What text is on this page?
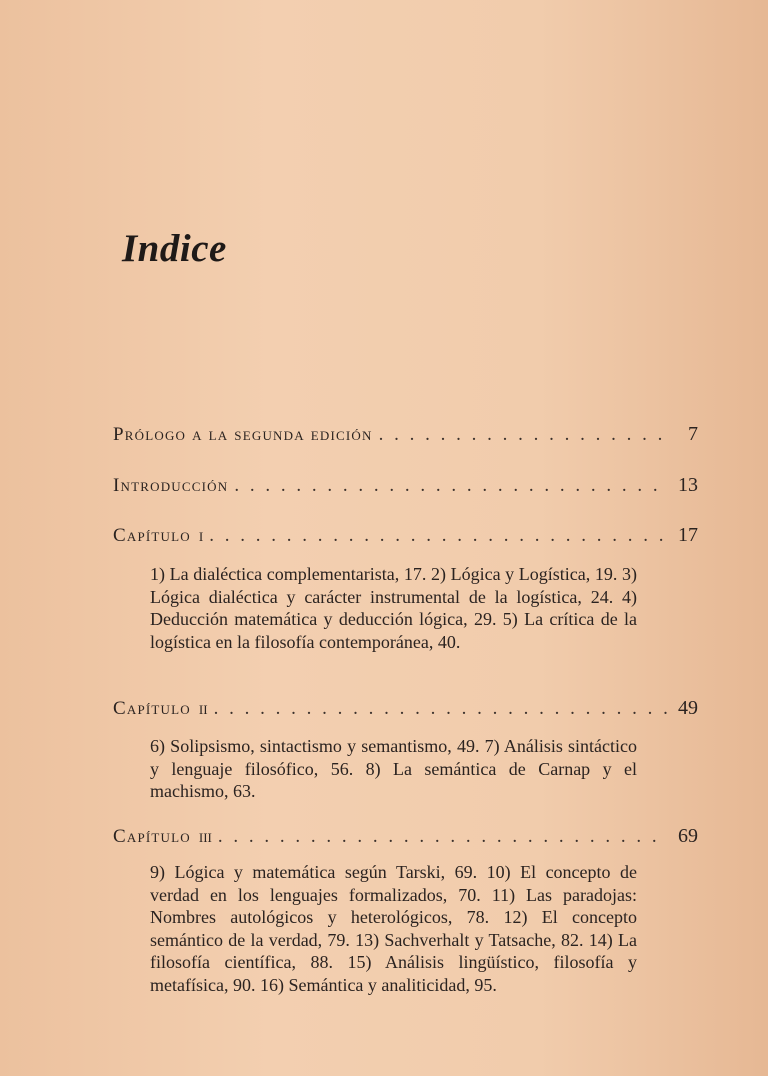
Indice
Prólogo a la segunda edición . . .	7
Introducción . . .	13
Capítulo i . . .	17
1) La dialéctica complementarista, 17. 2) Lógica y Logística, 19. 3) Lógica dialéctica y carácter instrumental de la logística, 24. 4) Deducción matemática y deducción lógica, 29. 5) La crítica de la logística en la filosofía contemporánea, 40.
Capítulo ii . . .	49
6) Solipsismo, sintactismo y semantismo, 49. 7) Análisis sintáctico y lenguaje filosófico, 56. 8) La semántica de Carnap y el machismo, 63.
Capítulo iii . . .	69
9) Lógica y matemática según Tarski, 69. 10) El concepto de verdad en los lenguajes formalizados, 70. 11) Las paradojas: Nombres autológicos y heterológicos, 78. 12) El concepto semántico de la verdad, 79. 13) Sachverhalt y Tatsache, 82. 14) La filosofía científica, 88. 15) Análisis lingüístico, filosofía y metafísica, 90. 16) Semántica y analiticidad, 95.
